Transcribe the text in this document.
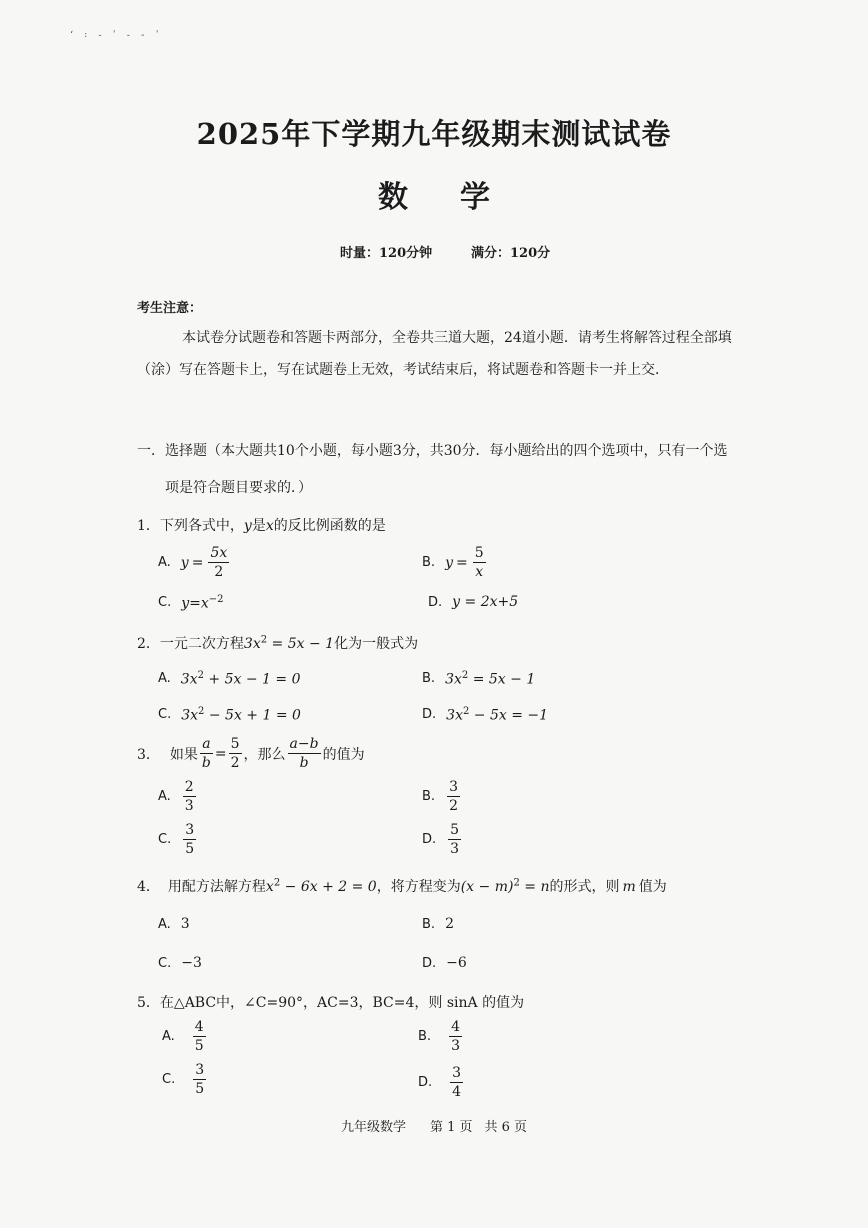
‘ ꞉ ˗ ˈ ˗ ‐ ˈ
2025年下学期九年级期末测试试卷
数 学
时量：120分钟	满分：120分
考生注意：
本试卷分试题卷和答题卡两部分，全卷共三道大题，24道小题．请考生将解答过程全部填
（涂）写在答题卡上，写在试题卷上无效，考试结束后，将试题卷和答题卡一并上交．
一．选择题（本大题共10个小题，每小题3分，共30分．每小题给出的四个选项中，只有一个选
项是符合题目要求的．）
1．下列各式中，y是x的反比例函数的是
A. $y = \frac{5x}{2}$	B. $y = \frac{5}{x}$
C. $y=x^{-2}$	D. y = 2x+5
2．一元二次方程$3x^2 = 5x - 1$化为一般式为
A. $3x^2 + 5x - 1 = 0$	B. $3x^2 = 5x - 1$
C. $3x^2 - 5x + 1 = 0$	D. $3x^2 - 5x = -1$
3． 如果 $\frac{a}{b} = \frac{5}{2}$ ，那么 $\frac{a-b}{b}$ 的值为
A. $\frac{2}{3}$	B. $\frac{3}{2}$
C. $\frac{3}{5}$	D. $\frac{5}{3}$
4． 用配方法解方程$x^2 - 6x + 2 = 0$，将方程变为$(x - m)^2 = n$的形式，则 m 值为
A. 3	B. 2
C. −3	D. −6
5．在△ABC中，∠C=90°，AC=3，BC=4，则 sinA 的值为
A. $\frac{4}{5}$	B. $\frac{4}{3}$
C. $\frac{3}{5}$	D. $\frac{3}{4}$
九年级数学 第 1 页 共 6 页
